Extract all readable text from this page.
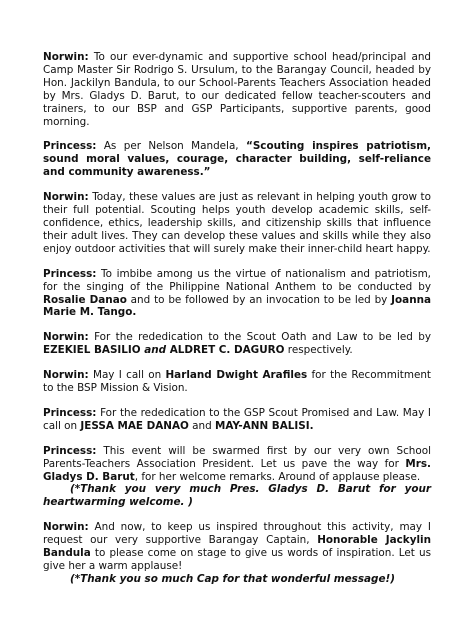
Norwin: To our ever-dynamic and supportive school head/principal and Camp Master Sir Rodrigo S. Ursulum, to the Barangay Council, headed by Hon. Jackilyn Bandula, to our School-Parents Teachers Association headed by Mrs. Gladys D. Barut, to our dedicated fellow teacher-scouters and trainers, to our BSP and GSP Participants, supportive parents, good morning.

Princess: As per Nelson Mandela, “Scouting inspires patriotism, sound moral values, courage, character building, self-reliance and community awareness.”

Norwin: Today, these values are just as relevant in helping youth grow to their full potential. Scouting helps youth develop academic skills, self-confidence, ethics, leadership skills, and citizenship skills that influence their adult lives. They can develop these values and skills while they also enjoy outdoor activities that will surely make their inner-child heart happy.

Princess: To imbibe among us the virtue of nationalism and patriotism, for the singing of the Philippine National Anthem to be conducted by Rosalie Danao and to be followed by an invocation to be led by Joanna Marie M. Tango.

Norwin: For the rededication to the Scout Oath and Law to be led by EZEKIEL BASILIO and ALDRET C. DAGURO respectively.

Norwin: May I call on Harland Dwight Arafiles for the Recommitment to the BSP Mission & Vision.

Princess: For the rededication to the GSP Scout Promised and Law. May I call on JESSA MAE DANAO and MAY-ANN BALISI.

Princess: This event will be swarmed first by our very own School Parents-Teachers Association President. Let us pave the way for Mrs. Gladys D. Barut, for her welcome remarks. Around of applause please.
(*Thank you very much Pres. Gladys D. Barut for your heartwarming welcome. )

Norwin: And now, to keep us inspired throughout this activity, may I request our very supportive Barangay Captain, Honorable Jackylin Bandula to please come on stage to give us words of inspiration. Let us give her a warm applause!
(*Thank you so much Cap for that wonderful message!)
